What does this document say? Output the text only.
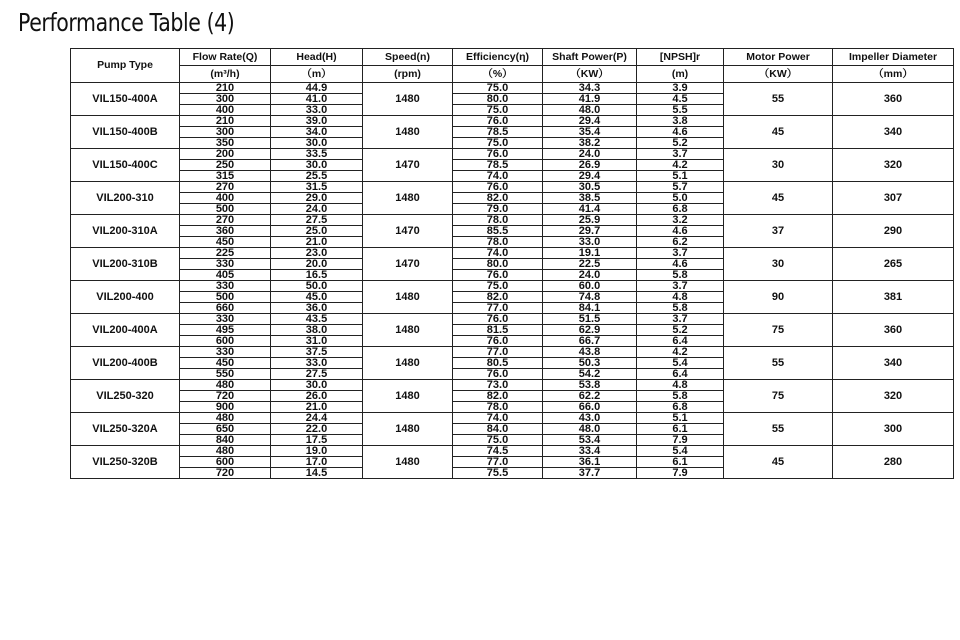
Performance Table (4)
Pump Type	Flow Rate(Q)	Head(H)	Speed(n)	Efficiency(η)	Shaft Power(P)	[NPSH]r	Motor Power	Impeller Diameter
	(m³/h)	（m）	(rpm)	（%）	（KW）	(m)	（KW）	（mm）
VIL150-400A	210	44.9	1480	75.0	34.3	3.9	55	360
	300	41.0		80.0	41.9	4.5		
	400	33.0		75.0	48.0	5.5		
VIL150-400B	210	39.0	1480	76.0	29.4	3.8	45	340
	300	34.0		78.5	35.4	4.6		
	350	30.0		75.0	38.2	5.2		
VIL150-400C	200	33.5	1470	76.0	24.0	3.7	30	320
	250	30.0		78.5	26.9	4.2		
	315	25.5		74.0	29.4	5.1		
VIL200-310	270	31.5	1480	76.0	30.5	5.7	45	307
	400	29.0		82.0	38.5	5.0		
	500	24.0		79.0	41.4	6.8		
VIL200-310A	270	27.5	1470	78.0	25.9	3.2	37	290
	360	25.0		85.5	29.7	4.6		
	450	21.0		78.0	33.0	6.2		
VIL200-310B	225	23.0	1470	74.0	19.1	3.7	30	265
	330	20.0		80.0	22.5	4.6		
	405	16.5		76.0	24.0	5.8		
VIL200-400	330	50.0	1480	75.0	60.0	3.7	90	381
	500	45.0		82.0	74.8	4.8		
	660	36.0		77.0	84.1	5.8		
VIL200-400A	330	43.5	1480	76.0	51.5	3.7	75	360
	495	38.0		81.5	62.9	5.2		
	600	31.0		76.0	66.7	6.4		
VIL200-400B	330	37.5	1480	77.0	43.8	4.2	55	340
	450	33.0		80.5	50.3	5.4		
	550	27.5		76.0	54.2	6.4		
VIL250-320	480	30.0	1480	73.0	53.8	4.8	75	320
	720	26.0		82.0	62.2	5.8		
	900	21.0		78.0	66.0	6.8		
VIL250-320A	480	24.4	1480	74.0	43.0	5.1	55	300
	650	22.0		84.0	48.0	6.1		
	840	17.5		75.0	53.4	7.9		
VIL250-320B	480	19.0	1480	74.5	33.4	5.4	45	280
	600	17.0		77.0	36.1	6.1		
	720	14.5		75.5	37.7	7.9		
